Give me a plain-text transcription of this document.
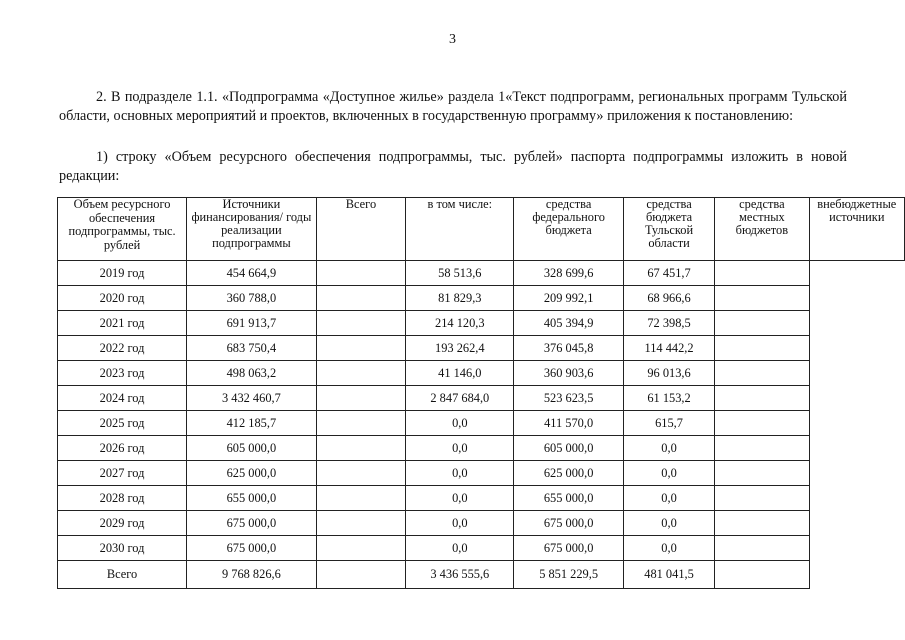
3
2. В подразделе 1.1. «Подпрограмма «Доступное жилье» раздела 1«Текст подпрограмм, региональных программ Тульской области, основных мероприятий и проектов, включенных в государственную программу» приложения к постановлению:
1) строку «Объем ресурсного обеспечения подпрограммы, тыс. рублей» паспорта подпрограммы изложить в новой редакции:
Объем ресурсного обеспечения подпрограммы, тыс. рублей	Источники финансирования/ годы реализации подпрограммы	Всего	в том числе:	средства федерального бюджета	средства бюджета Тульской области	средства местных бюджетов	внебюджетные источники
2019 год	454 664,9		58 513,6	328 699,6	67 451,7		
2020 год	360 788,0		81 829,3	209 992,1	68 966,6		
2021 год	691 913,7		214 120,3	405 394,9	72 398,5		
2022 год	683 750,4		193 262,4	376 045,8	114 442,2		
2023 год	498 063,2		41 146,0	360 903,6	96 013,6		
2024 год	3 432 460,7		2 847 684,0	523 623,5	61 153,2		
2025 год	412 185,7		0,0	411 570,0	615,7		
2026 год	605 000,0		0,0	605 000,0	0,0		
2027 год	625 000,0		0,0	625 000,0	0,0		
2028 год	655 000,0		0,0	655 000,0	0,0		
2029 год	675 000,0		0,0	675 000,0	0,0		
2030 год	675 000,0		0,0	675 000,0	0,0		
Всего	9 768 826,6		3 436 555,6	5 851 229,5	481 041,5		
